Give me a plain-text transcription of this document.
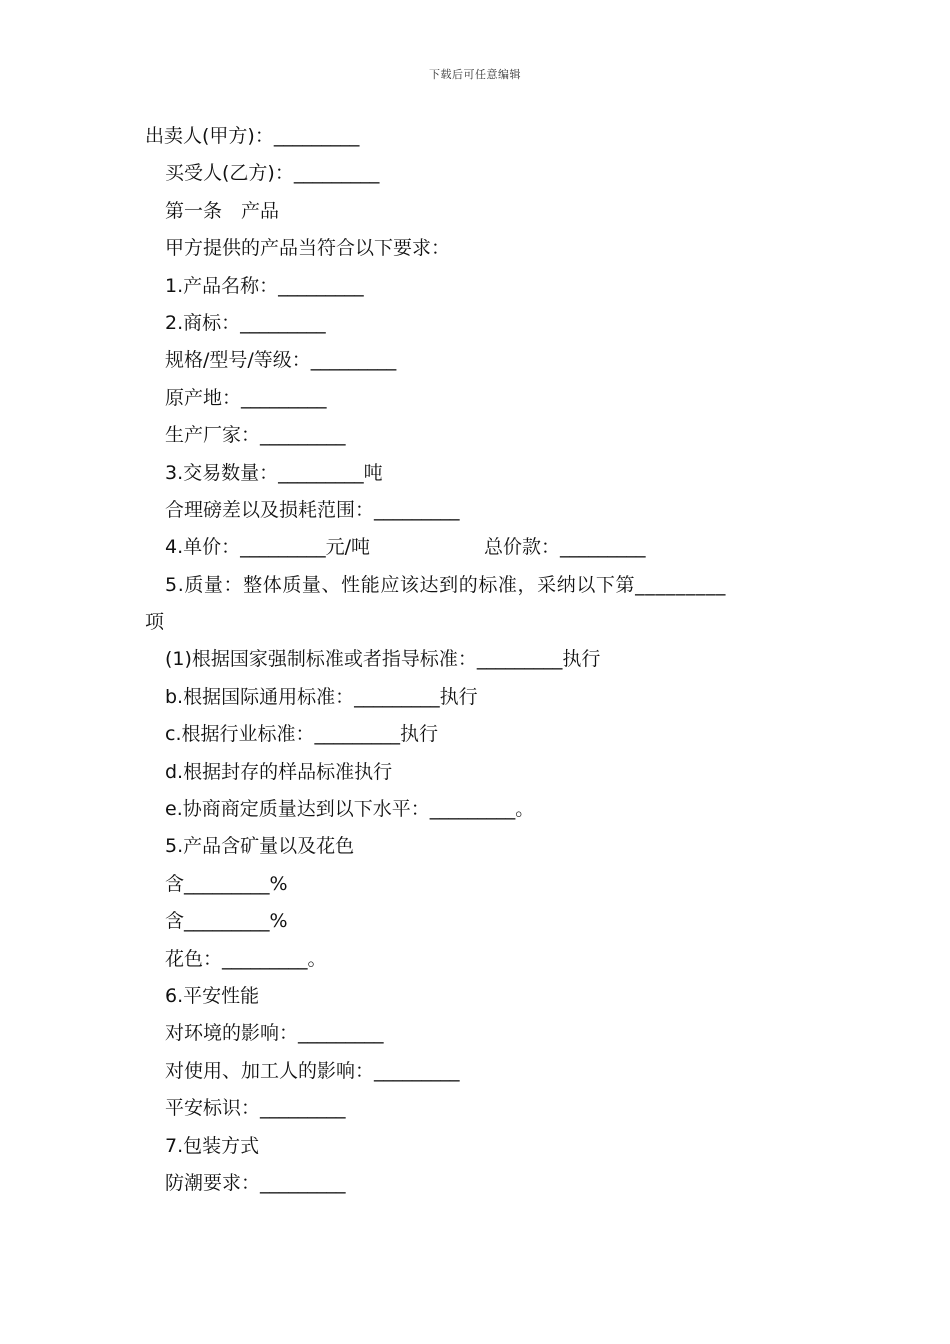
下载后可任意编辑
出卖人(甲方)：_________
买受人(乙方)：_________
第一条　产品
甲方提供的产品当符合以下要求：
1.产品名称：_________
2.商标：_________
规格/型号/等级：_________
原产地：_________
生产厂家：_________
3.交易数量：_________吨
合理磅差以及损耗范围：_________
4.单价：_________元/吨　　　　　　总价款：_________
5.质量：整体质量、性能应该达到的标准，采纳以下第_________
项
(1)根据国家强制标准或者指导标准：_________执行
b.根据国际通用标准：_________执行
c.根据行业标准：_________执行
d.根据封存的样品标准执行
e.协商商定质量达到以下水平：_________。
5.产品含矿量以及花色
含_________%
含_________%
花色：_________。
6.平安性能
对环境的影响：_________
对使用、加工人的影响：_________
平安标识：_________
7.包装方式
防潮要求：_________
